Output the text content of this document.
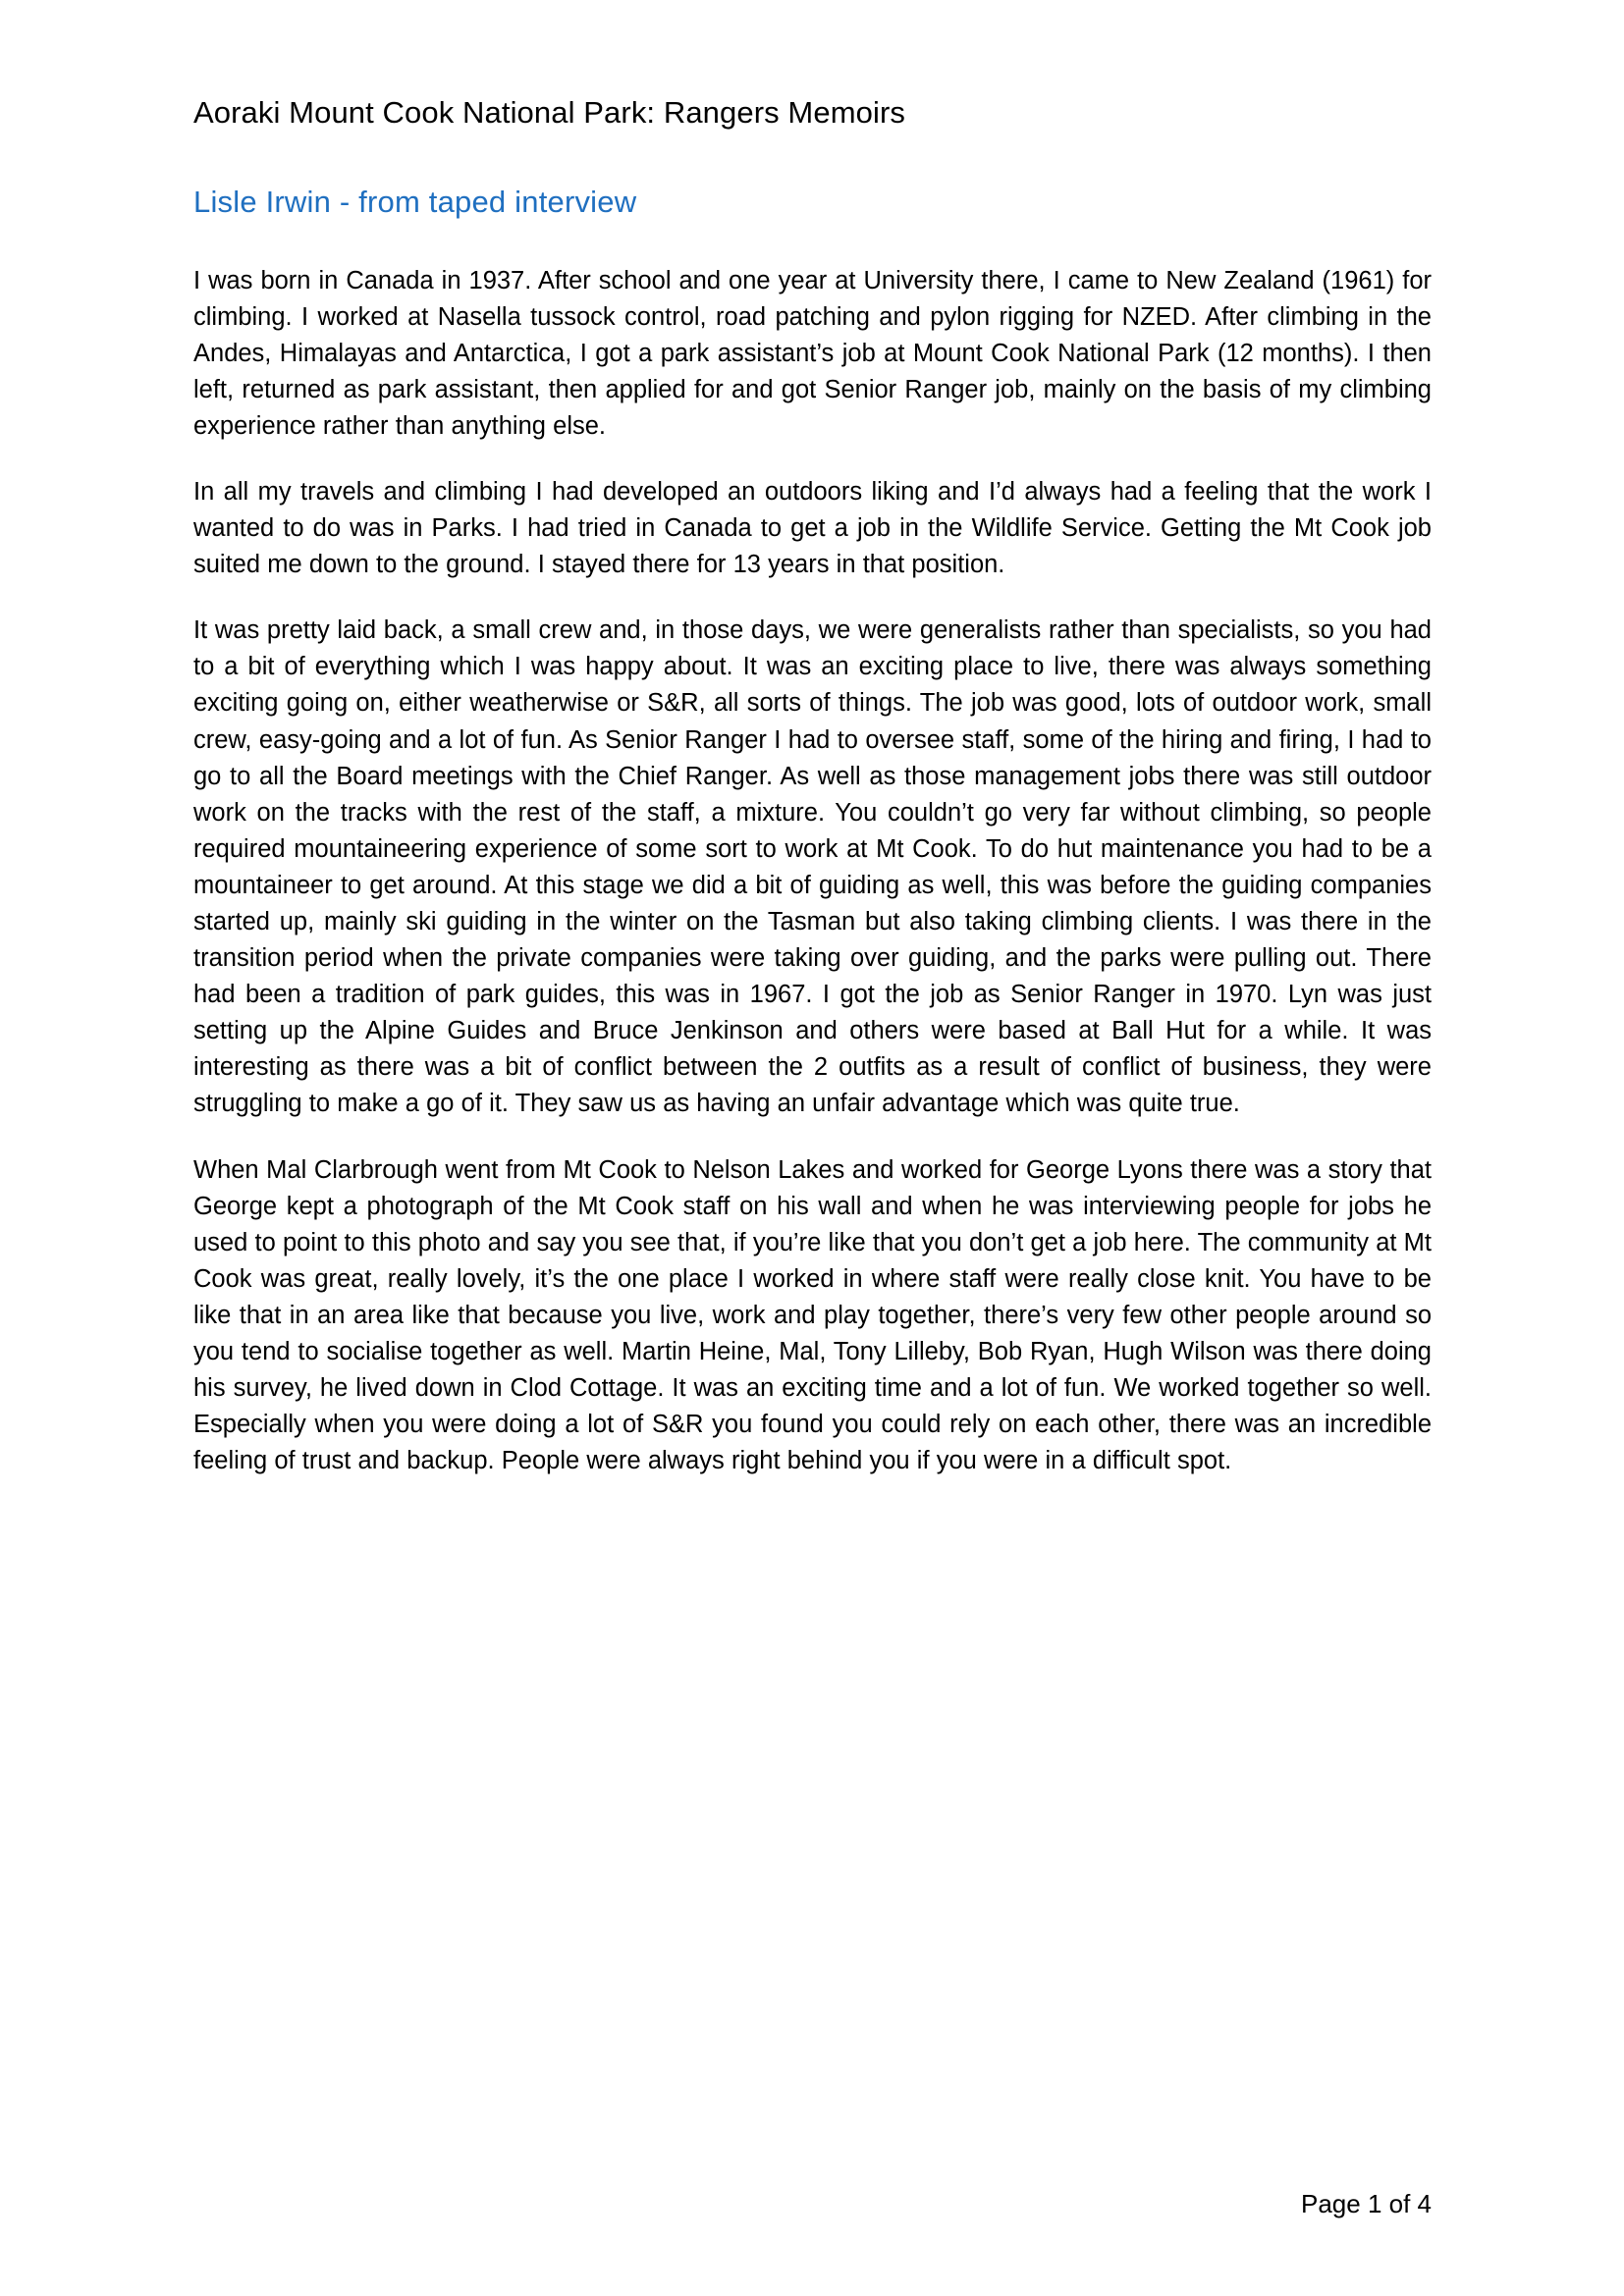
Aoraki Mount Cook National Park: Rangers Memoirs
Lisle Irwin - from taped interview

I was born in Canada in 1937. After school and one year at University there, I came to New Zealand (1961) for climbing. I worked at Nasella tussock control, road patching and pylon rigging for NZED. After climbing in the Andes, Himalayas and Antarctica, I got a park assistant’s job at Mount Cook National Park (12 months). I then left, returned as park assistant, then applied for and got Senior Ranger job, mainly on the basis of my climbing experience rather than anything else.

In all my travels and climbing I had developed an outdoors liking and I’d always had a feeling that the work I wanted to do was in Parks. I had tried in Canada to get a job in the Wildlife Service. Getting the Mt Cook job suited me down to the ground. I stayed there for 13 years in that position.

It was pretty laid back, a small crew and, in those days, we were generalists rather than specialists, so you had to a bit of everything which I was happy about. It was an exciting place to live, there was always something exciting going on, either weatherwise or S&R, all sorts of things. The job was good, lots of outdoor work, small crew, easy-going and a lot of fun. As Senior Ranger I had to oversee staff, some of the hiring and firing, I had to go to all the Board meetings with the Chief Ranger. As well as those management jobs there was still outdoor work on the tracks with the rest of the staff, a mixture. You couldn’t go very far without climbing, so people required mountaineering experience of some sort to work at Mt Cook. To do hut maintenance you had to be a mountaineer to get around. At this stage we did a bit of guiding as well, this was before the guiding companies started up, mainly ski guiding in the winter on the Tasman but also taking climbing clients. I was there in the transition period when the private companies were taking over guiding, and the parks were pulling out. There had been a tradition of park guides, this was in 1967. I got the job as Senior Ranger in 1970. Lyn was just setting up the Alpine Guides and Bruce Jenkinson and others were based at Ball Hut for a while. It was interesting as there was a bit of conflict between the 2 outfits as a result of conflict of business, they were struggling to make a go of it. They saw us as having an unfair advantage which was quite true.

When Mal Clarbrough went from Mt Cook to Nelson Lakes and worked for George Lyons there was a story that George kept a photograph of the Mt Cook staff on his wall and when he was interviewing people for jobs he used to point to this photo and say you see that, if you’re like that you don’t get a job here. The community at Mt Cook was great, really lovely, it’s the one place I worked in where staff were really close knit. You have to be like that in an area like that because you live, work and play together, there’s very few other people around so you tend to socialise together as well. Martin Heine, Mal, Tony Lilleby, Bob Ryan, Hugh Wilson was there doing his survey, he lived down in Clod Cottage. It was an exciting time and a lot of fun. We worked together so well. Especially when you were doing a lot of S&R you found you could rely on each other, there was an incredible feeling of trust and backup. People were always right behind you if you were in a difficult spot.

Page 1 of 4
